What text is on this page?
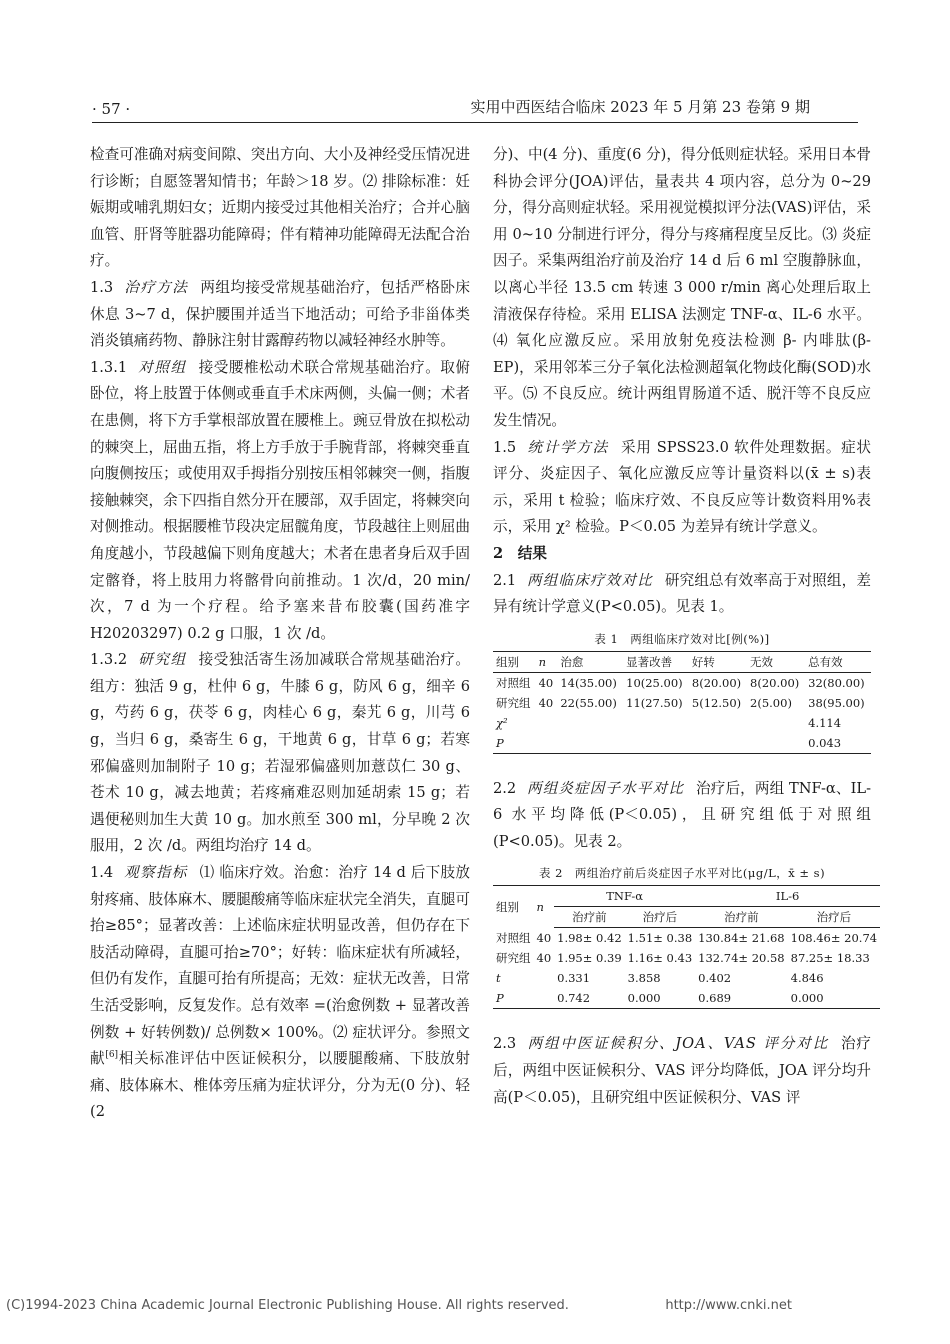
· 57 ·	实用中西医结合临床 2023 年 5 月第 23 卷第 9 期

检查可准确对病变间隙、突出方向、大小及神经受压情况进行诊断；自愿签署知情书；年龄＞18 岁。⑵ 排除标准：妊娠期或哺乳期妇女；近期内接受过其他相关治疗；合并心脑血管、肝肾等脏器功能障碍；伴有精神功能障碍无法配合治疗。

1.3 治疗方法 两组均接受常规基础治疗，包括严格卧床休息 3~7 d，保护腰围并适当下地活动；可给予非甾体类消炎镇痛药物、静脉注射甘露醇药物以减轻神经水肿等。

1.3.1 对照组 接受腰椎松动术联合常规基础治疗。取俯卧位，将上肢置于体侧或垂直手术床两侧，头偏一侧；术者在患侧，将下方手掌根部放置在腰椎上。豌豆骨放在拟松动的棘突上，屈曲五指，将上方手放于手腕背部，将棘突垂直向腹侧按压；或使用双手拇指分别按压相邻棘突一侧，指腹接触棘突，余下四指自然分开在腰部，双手固定，将棘突向对侧推动。根据腰椎节段决定屈髋角度，节段越往上则屈曲角度越小，节段越偏下则角度越大；术者在患者身后双手固定髂脊，将上肢用力将髂骨向前推动。1 次/d，20 min/ 次，7 d 为一个疗程。给予塞来昔布胶囊(国药准字 H20203297) 0.2 g 口服，1 次 /d。

1.3.2 研究组 接受独活寄生汤加减联合常规基础治疗。组方：独活 9 g，杜仲 6 g，牛膝 6 g，防风 6 g，细辛 6 g，芍药 6 g，茯苓 6 g，肉桂心 6 g，秦艽 6 g，川芎 6 g，当归 6 g，桑寄生 6 g，干地黄 6 g，甘草 6 g；若寒邪偏盛则加制附子 10 g；若湿邪偏盛则加薏苡仁 30 g、苍术 10 g，减去地黄；若疼痛难忍则加延胡索 15 g；若遇便秘则加生大黄 10 g。加水煎至 300 ml，分早晚 2 次服用，2 次 /d。两组均治疗 14 d。

1.4 观察指标 ⑴ 临床疗效。治愈：治疗 14 d 后下肢放射疼痛、肢体麻木、腰腿酸痛等临床症状完全消失，直腿可抬≥85°；显著改善：上述临床症状明显改善，但仍存在下肢活动障碍，直腿可抬≥70°；好转：临床症状有所减轻，但仍有发作，直腿可抬有所提高；无效：症状无改善，日常生活受影响，反复发作。总有效率 =(治愈例数 + 显著改善例数 + 好转例数)/ 总例数× 100%。⑵ 症状评分。参照文献[6]相关标准评估中医证候积分，以腰腿酸痛、下肢放射痛、肢体麻木、椎体旁压痛为症状评分，分为无(0 分)、轻(2

分)、中(4 分)、重度(6 分)，得分低则症状轻。采用日本骨科协会评分(JOA)评估，量表共 4 项内容，总分为 0~29 分，得分高则症状轻。采用视觉模拟评分法(VAS)评估，采用 0~10 分制进行评分，得分与疼痛程度呈反比。⑶ 炎症因子。采集两组治疗前及治疗 14 d 后 6 ml 空腹静脉血，以离心半径 13.5 cm 转速 3 000 r/min 离心处理后取上清液保存待检。采用 ELISA 法测定 TNF-α、IL-6 水平。⑷ 氧化应激反应。采用放射免疫法检测 β- 内啡肽(β-EP)，采用邻苯三分子氧化法检测超氧化物歧化酶(SOD)水平。⑸ 不良反应。统计两组胃肠道不适、脱汗等不良反应发生情况。

1.5 统计学方法 采用 SPSS23.0 软件处理数据。症状评分、炎症因子、氧化应激反应等计量资料以(x̄ ± s)表示，采用 t 检验；临床疗效、不良反应等计数资料用%表示，采用 χ² 检验。P＜0.05 为差异有统计学意义。

2　结果

2.1 两组临床疗效对比 研究组总有效率高于对照组，差异有统计学意义(P<0.05)。见表 1。

表 1　两组临床疗效对比[例(%)]
组别	n	治愈	显著改善	好转	无效	总有效
对照组	40	14(35.00)	10(25.00)	8(20.00)	8(20.00)	32(80.00)
研究组	40	22(55.00)	11(27.50)	5(12.50)	2(5.00)	38(95.00)
χ²						4.114
P						0.043

2.2 两组炎症因子水平对比 治疗后，两组 TNF-α、IL-6 水平均降低(P＜0.05)，且研究组低于对照组(P<0.05)。见表 2。

表 2　两组治疗前后炎症因子水平对比(μg/L，x̄ ± s)
组别	n	TNF-α		IL-6	
		治疗前	治疗后	治疗前	治疗后
对照组	40	1.98± 0.42	1.51± 0.38	130.84± 21.68	108.46± 20.74
研究组	40	1.95± 0.39	1.16± 0.43	132.74± 20.58	87.25± 18.33
t		0.331	3.858	0.402	4.846
P		0.742	0.000	0.689	0.000

2.3 两组中医证候积分、JOA、VAS 评分对比 治疗后，两组中医证候积分、VAS 评分均降低，JOA 评分均升高(P＜0.05)，且研究组中医证候积分、VAS 评

(C)1994-2023 China Academic Journal Electronic Publishing House. All rights reserved.	http://www.cnki.net
